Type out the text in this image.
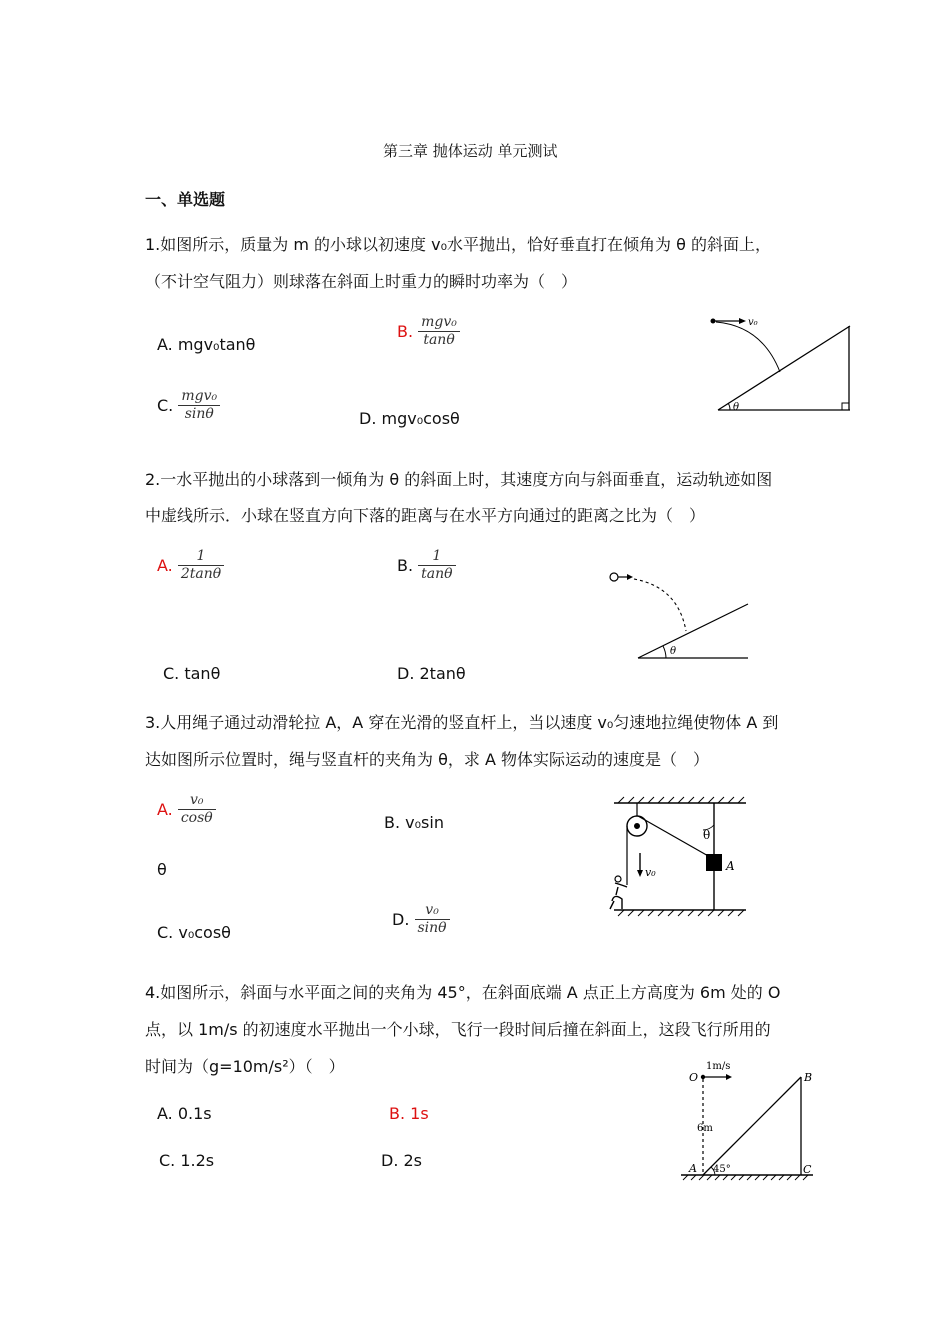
第三章 抛体运动 单元测试
一、单选题
1.如图所示，质量为 m 的小球以初速度 v₀水平抛出，恰好垂直打在倾角为 θ 的斜面上，
（不计空气阻力）则球落在斜面上时重力的瞬时功率为（　）
A. mgv₀tanθ
B. $\frac{\text{mgv₀}}{\tan\theta}$
C. $\frac{\text{mgv₀}}{\sin\theta}$	D. mgv₀cosθ
v₀
θ
2.一水平抛出的小球落到一倾角为 θ 的斜面上时，其速度方向与斜面垂直，运动轨迹如图
中虚线所示．小球在竖直方向下落的距离与在水平方向通过的距离之比为（　）
A. $\frac{1}{2\tan\theta}$	B. $\frac{1}{\tan\theta}$
C. tanθ	D. 2tanθ
θ
3.人用绳子通过动滑轮拉 A，A 穿在光滑的竖直杆上，当以速度 v₀匀速地拉绳使物体 A 到
达如图所示位置时，绳与竖直杆的夹角为 θ，求 A 物体实际运动的速度是（　）
A. $\frac{\text{v₀}}{\cos\theta}$	B. v₀sin
θ
C. v₀cosθ
D. $\frac{\text{v₀}}{\sin\theta}$
A
θ
v₀
4.如图所示，斜面与水平面之间的夹角为 45°，在斜面底端 A 点正上方高度为 6m 处的 O
点，以 1m/s 的初速度水平抛出一个小球，飞行一段时间后撞在斜面上，这段飞行所用的
时间为（g=10m/s²）（　）
A. 0.1s	B. 1s
C. 1.2s	D. 2s
O
1m/s
6m
A 45°
B
C
